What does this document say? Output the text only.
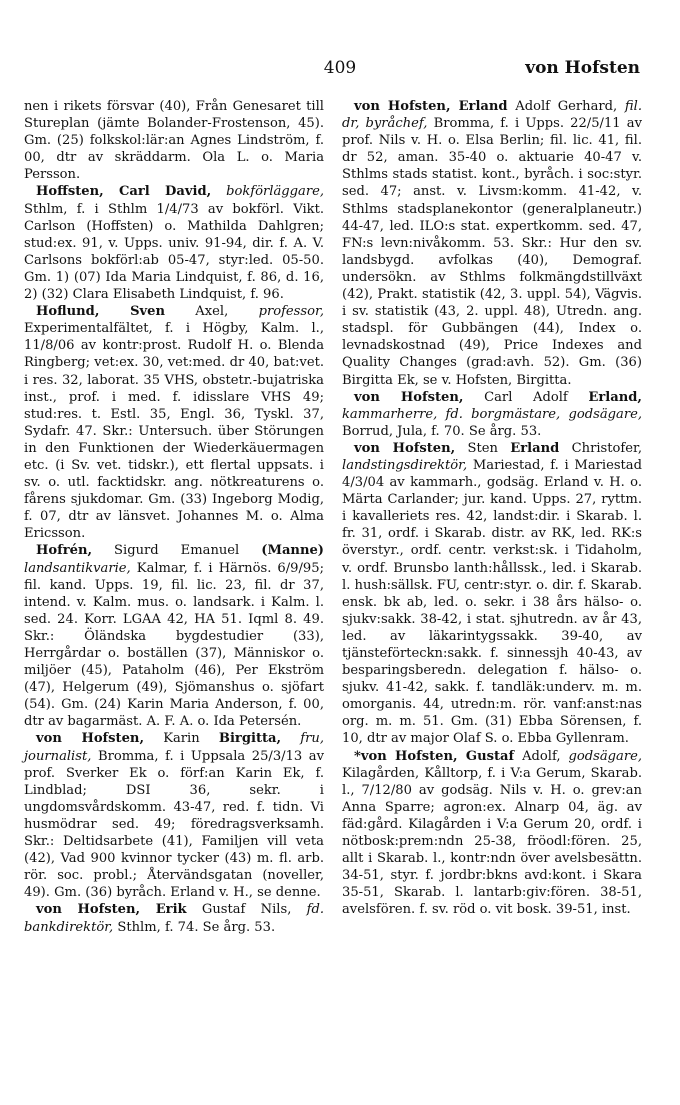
409	von Hofsten

nen i rikets försvar (40), Från Genesaret till Stureplan (jämte Bolander-Frostenson, 45). Gm. (25) folkskol:lär:an Agnes Lindström, f. 00, dtr av skräddarm. Ola L. o. Maria Persson.

Hoffsten, Carl David, bokförläggare, Sthlm, f. i Sthlm 1/4/73 av bokförl. Vikt. Carlson (Hoffsten) o. Mathilda Dahlgren; stud:ex. 91, v. Upps. univ. 91-94, dir. f. A. V. Carlsons bokförl:ab 05-47, styr:led. 05-50. Gm. 1) (07) Ida Maria Lindquist, f. 86, d. 16, 2) (32) Clara Elisabeth Lindquist, f. 96.

Hoflund, Sven Axel, professor, Experimentalfältet, f. i Högby, Kalm. l., 11/8/06 av kontr:prost. Rudolf H. o. Blenda Ringberg; vet:ex. 30, vet:med. dr 40, bat:vet. i res. 32, laborat. 35 VHS, obstetr.-bujatriska inst., prof. i med. f. idisslare VHS 49; stud:res. t. Estl. 35, Engl. 36, Tyskl. 37, Sydafr. 47. Skr.: Untersuch. über Störungen in den Funktionen der Wiederkäuermagen etc. (i Sv. vet. tidskr.), ett flertal uppsats. i sv. o. utl. facktidskr. ang. nötkreaturens o. fårens sjukdomar. Gm. (33) Ingeborg Modig, f. 07, dtr av länsvet. Johannes M. o. Alma Ericsson.

Hofrén, Sigurd Emanuel (Manne) landsantikvarie, Kalmar, f. i Härnös. 6/9/95; fil. kand. Upps. 19, fil. lic. 23, fil. dr 37, intend. v. Kalm. mus. o. landsark. i Kalm. l. sed. 24. Korr. LGAA 42, HA 51. Iqml 8. 49. Skr.: Öländska bygdestudier (33), Herrgårdar o. boställen (37), Människor o. miljöer (45), Pataholm (46), Per Ekström (47), Helgerum (49), Sjömanshus o. sjöfart (54). Gm. (24) Karin Maria Anderson, f. 00, dtr av bagarmäst. A. F. A. o. Ida Petersén.

von Hofsten, Karin Birgitta, fru, journalist, Bromma, f. i Uppsala 25/3/13 av prof. Sverker Ek o. förf:an Karin Ek, f. Lindblad; DSI 36, sekr. i ungdomsvårdskomm. 43-47, red. f. tidn. Vi husmödrar sed. 49; föredragsverksamh. Skr.: Deltidsarbete (41), Familjen vill veta (42), Vad 900 kvinnor tycker (43) m. fl. arb. rör. soc. probl.; Återvändsgatan (noveller, 49). Gm. (36) byråch. Erland v. H., se denne.

von Hofsten, Erik Gustaf Nils, fd. bankdirektör, Sthlm, f. 74. Se årg. 53.

von Hofsten, Erland Adolf Gerhard, fil. dr, byråchef, Bromma, f. i Upps. 22/5/11 av prof. Nils v. H. o. Elsa Berlin; fil. lic. 41, fil. dr 52, aman. 35-40 o. aktuarie 40-47 v. Sthlms stads statist. kont., byråch. i soc:styr. sed. 47; anst. v. Livsm:komm. 41-42, v. Sthlms stadsplanekontor (generalplaneutr.) 44-47, led. ILO:s stat. expertkomm. sed. 47, FN:s levn:nivåkomm. 53. Skr.: Hur den sv. landsbygd. avfolkas (40), Demograf. undersökn. av Sthlms folkmängdstillväxt (42), Prakt. statistik (42, 3. uppl. 54), Vägvis. i sv. statistik (43, 2. uppl. 48), Utredn. ang. stadspl. för Gubbängen (44), Index o. levnadskostnad (49), Price Indexes and Quality Changes (grad:avh. 52). Gm. (36) Birgitta Ek, se v. Hofsten, Birgitta.

von Hofsten, Carl Adolf Erland, kammarherre, fd. borgmästare, godsägare, Borrud, Jula, f. 70. Se årg. 53.

von Hofsten, Sten Erland Christofer, landstingsdirektör, Mariestad, f. i Mariestad 4/3/04 av kammarh., godsäg. Erland v. H. o. Märta Carlander; jur. kand. Upps. 27, ryttm. i kavalleriets res. 42, landst:dir. i Skarab. l. fr. 31, ordf. i Skarab. distr. av RK, led. RK:s överstyr., ordf. centr. verkst:sk. i Tidaholm, v. ordf. Brunsbo lanth:hållssk., led. i Skarab. l. hush:sällsk. FU, centr:styr. o. dir. f. Skarab. ensk. bk ab, led. o. sekr. i 38 års hälso- o. sjukv:sakk. 38-42, i stat. sjhutredn. av år 43, led. av läkarintygssakk. 39-40, av tjänsteförteckn:sakk. f. sinnessjh 40-43, av besparingsberedn. delegation f. hälso- o. sjukv. 41-42, sakk. f. tandläk:underv. m. m. omorganis. 44, utredn:m. rör. vanf:anst:nas org. m. m. 51. Gm. (31) Ebba Sörensen, f. 10, dtr av major Olaf S. o. Ebba Gyllenram.

*von Hofsten, Gustaf Adolf, godsägare, Kilagården, Kålltorp, f. i V:a Gerum, Skarab. l., 7/12/80 av godsäg. Nils v. H. o. grev:an Anna Sparre; agron:ex. Alnarp 04, äg. av fäd:gård. Kilagården i V:a Gerum 20, ordf. i nötbosk:prem:ndn 25-38, fröodl:fören. 25, allt i Skarab. l., kontr:ndn över avelsbesättn. 34-51, styr. f. jordbr:bkns avd:kont. i Skara 35-51, Skarab. l. lantarb:giv:fören. 38-51, avelsfören. f. sv. röd o. vit bosk. 39-51, inst.
